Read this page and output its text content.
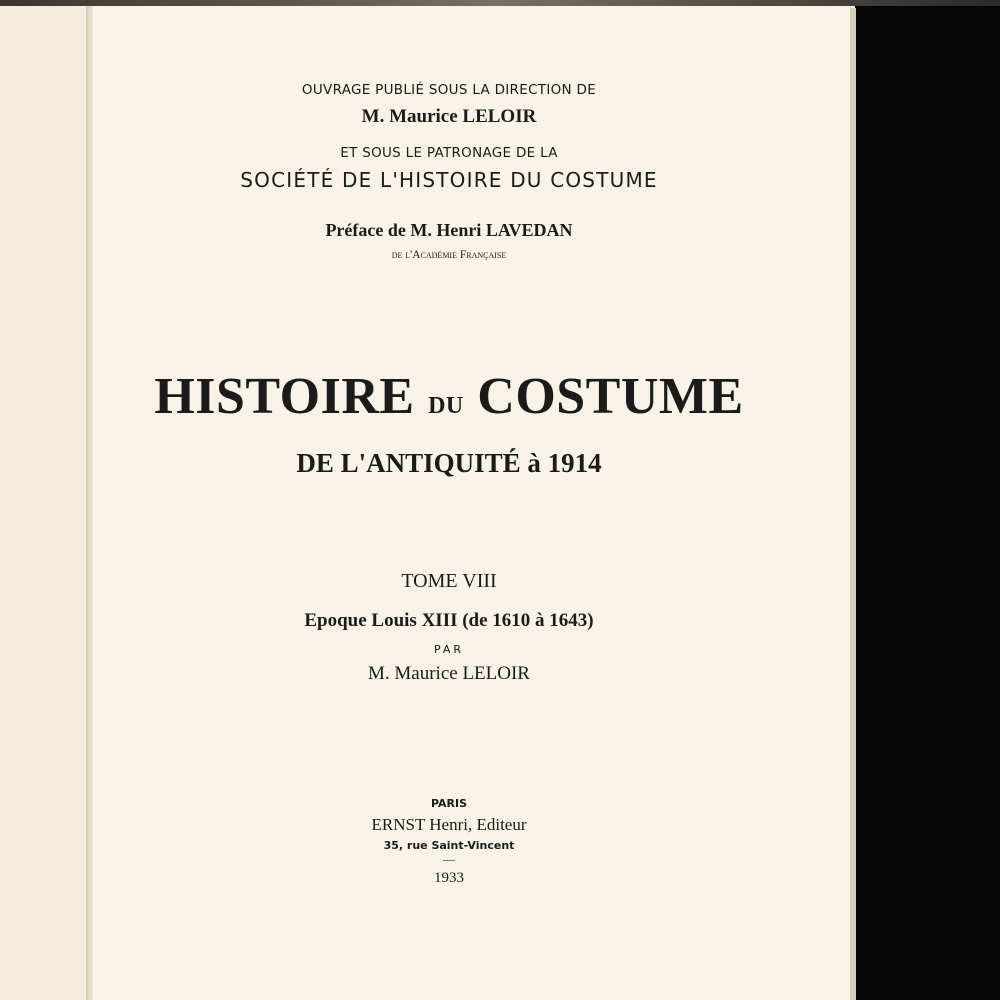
OUVRAGE PUBLIÉ SOUS LA DIRECTION DE
M. Maurice LELOIR
ET SOUS LE PATRONAGE DE LA
SOCIÉTÉ DE L'HISTOIRE DU COSTUME
Préface de M. Henri LAVEDAN
de l'Académie Française
HISTOIRE DU COSTUME
DE L'ANTIQUITÉ à 1914
TOME VIII
Epoque Louis XIII (de 1610 à 1643)
PAR
M. Maurice LELOIR
PARIS
ERNST Henri, Editeur
35, rue Saint-Vincent
—
1933
